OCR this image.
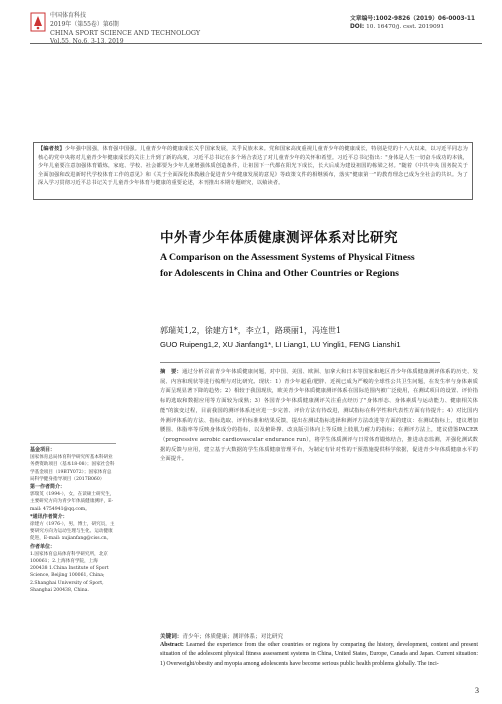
中国体育科技
2019年（第55卷）第6期
CHINA SPORT SCIENCE AND TECHNOLOGY
Vol.55, No.6, 3-13, 2019
文章编号:1002-9826（2019）06-0003-11
DOI: 10. 16470/j. csst. 2019091
【编者按】少年强中国强，体育强中国强。儿童青少年的健康成长关乎国家发展，关乎民族未来。党和国家高度重视儿童青少年的健康成长，特别是党的十八大以来，以习近平同志为核心的党中央将对儿童青少年健康成长的关注上升到了新的高度，习近平总书记在多个场合表达了对儿童青少年的关怀和希望。习近平总书记指出："身体是人生一切奋斗成功的本钱，少年儿童要注意加强体育锻炼，家庭、学校、社会都要为少年儿童增强体质创造条件，让祖国下一代都在阳光下成长，长大后成为建设祖国的栋梁之材。"随着《中共中央 国务院关于全面加强和改进新时代学校体育工作的意见》和《关于全面深化体教融合促进青少年健康发展的意见》等政策文件的相继颁布，落实"健康第一"的教育理念已成为全社会的共识。为了深入学习贯彻习近平总书记关于儿童青少年体育与健康的重要论述，本刊推出本期专题研究，以飨读者。
中外青少年体质健康测评体系对比研究
A Comparison on the Assessment Systems of Physical Fitness for Adolescents in China and Other Countries or Regions
郭瑞芄1,2，徐建方1*，李立1，路瑛丽1，冯连世1
GUO Ruipeng1,2, XU Jianfang1*, LI Liang1, LU Yingli1, FENG Lianshi1
摘　要：通过分析召前青少年体质健康问题，对中国、美国、欧洲、加拿大和日本等国家和地区青少年体质健康测评体系的历史、发展、内容和现状等进行梳理与对比研究。现状：1）青少年超重/肥胖、近视已成为严峻的全球性公共卫生问题，在发生率与身体素质方面呈现显著下降的趋势；2）相较于我国现状，欧美青少年体质健康测评体系在国际范围内被广泛使用，在测试项目的设置、评价指标的选取和数据应用等方面较为成熟；3）各国青少年体质健康测评关注重点经历了"身体形态、身体素质与运动能力、健康相关体能"的演变过程，目前我国的测评体系还应进一步完善、评价方法有待改进，测试指标在科学性和代表性方面有待提升；4）对比国内外测评体系的方法、指标选取、评价标准和结果反馈，提出在测试指标选择和测评方法改进等方面的建议：在测试指标上，建议增加腰围、体脂率等反映身体成分的指标，以及俯卧撑、改良版引体向上等反映上肢肌力耐力的指标；在测评方法上，建议借鉴PACER（progressive aerobic cardiovascular endurance run），将学生体质测评与日常体育锻炼结合，推进动态监测，并强化测试数据的反馈与应用，建立基于大数据的学生体质健康管理平台，为制定有针对性的干预措施提供科学依据，促进青少年体质健康水平的全面提升。
关键词：青少年；体质健康；测评体系；对比研究
Abstract: Learned the experience from the other countries or regions by comparing the history, development, content and present situation of the adolescent physical fitness assessment systems in China, United States, Europe, Canada and Japan. Current situation: 1) Overweight/obesity and myopia among adolescents have become serious public health problems globally. The inci-
基金项目：

国家体育总局体育科学研究所基本科研业务费资助项目（基本18-08）；国家社会科学基金项目（19BTY072）；国家体育总局科学健身指导项目（2017B060）

第一作者简介：

郭瑞芄（1994-），女，在读硕士研究生，主要研究方向为青少年体质健康测评，E-mail: 4754941@qq.com。

*通讯作者简介：

徐建方（1976-），男，博士，研究员，主要研究方向为运动生理与生化、运动健康促进，E-mail: xujianfang@ciss.cn。

作者单位：

1.国家体育总局体育科学研究所，北京 100061；2.上海体育学院，上海 200438 1.China Institute of Sport Science, Beijing 100061, China; 2.Shanghai University of Sport, Shanghai 200438, China.

3
